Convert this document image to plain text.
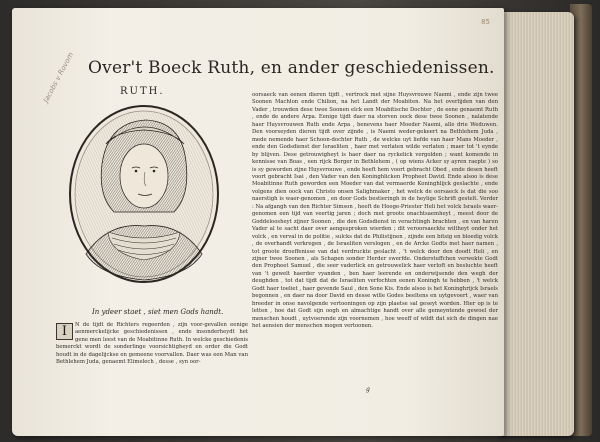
85
Over't Boeck Ruth, en ander geschiedenissen.
RUTH.
Jacobs v Rovom
In ydeer staet , siet men Gods handt.
I	N de tijdt de Richters regeerden , zijn voor-gevallen eenige aenmerckelijcke geschiedenissen , ende insonderheydt het gene men leest van de Moabitinne Ruth. In welcke geschiedenis bemerckt wordt de sonderlinge voorsichtigheyd en order die Godt houdt in de dagelijckse en gemeene voorvallen. Daer was een Man van Bethlehem Juda, genaemt Elimelech , desse , syn oor-

oorsaeck van eenen dieren tijdt , vertrock met sijne Huysvrouwe Naemi , ende zijn twee Soonen Machlon ende Chilion, na het Landt der Moabiten. Na het overlijden van den Vader , trouwden dese twee Soonen elck een Moabitische Dochter , de eene genaemt Ruth , ende de andere Arpa. Eenige tijdt daer na storven oock dese twee Soonen , nalatende haer Huysvrouwen Ruth ende Arpa , benevens haer Moeder Naemi, alle drie Weduwen. Den voorseyden dieren tijdt over zijnde , is Naemi weder-gekeert na Bethlehem Juda , mede nemende haer Schoon-dochter Ruth , de welcke uyt liefde van haer Mans Moeder , ende den Godsdienst der Israeliten , haer met verlaten wilde verlaten ; maer tot 't eynde by blijven. Dese getrouwigheyt is haer daer na ryckelick vergolden ; want komende in kennisse van Boas , een rijck Borger in Bethlehem , ( op wiens Acker sy ayren raepte ) so is sy geworden zijne Huysvrouwe , ende heeft hem voort gebracht Obed , ende desen heeft voort gebracht Isai , den Vader van den Koninghlicken Propheet David. Ende alsoo is dese Moabitinne Ruth geworden een Moeder van dat vermaerde Koninghlijck geslachte , ende volgens dien oock van Christo onsen Salighmaker , het welck de oorsaeck is dat die soo naerstigh is waer-genomen , en door Gods bestieringh in de heylige Schrift gestelt. Verder : Na afgangh van den Richter Simson , heeft de Hooge-Priester Heli het volck Israels waer-genomen een tijd van veertig jaren ; doch met groote onachtsaemheyt , meest door de Goddeloosheyt zijner Soonen , die den Godsdienst in verachtingh brachten , en van haren Vader al te sacht daer over aengesproken wierden ; dit veroorsaeckte wiltheyt onder het volck , en verval in de politie , sulcks dat de Philistijnen , zijnde een bitsig en bloedig volck , de overhandt verkregen , de Israeliten verslogen , en de Arcke Godts met haer namen , tot groote droeffenisse van dat verdruckte geslacht , 't welck door den doodt Heli , en zijner twee Soonen , als Schapen sonder Herder swerfde. Onderstuffchen verwekte Godt den Propheet Samuel , die seer vaderlick en getrouwelick haer verloft en besluchte heeft van 't gewelt haerder vyanden , ben haer leerende en onderwijsende den wegh der deughden , tot dat tijdt dat de Israeliten verfochten eenen Koningh te hebben , 't welck Godt haer toeliet , haer gevende Saul , den Sone Kis. Ende alsoo is het Koninghrijck Israels begonnen , en daer na door David en desse wille Godes beeltens en uytgevoert , waer van breeder in onse navolgende vertooningen op zijn plaetse sal geseyt worden. Hier op is te letten , hoe dat Godt sijn oogh en almachtige handt over alle gemeyntende gewoel der menschen houdt , uytvoerende zijn voornemen , hoe weeff of wildt dat sich de dingen nae het aensien der menschen mogen vertoonen.

g
